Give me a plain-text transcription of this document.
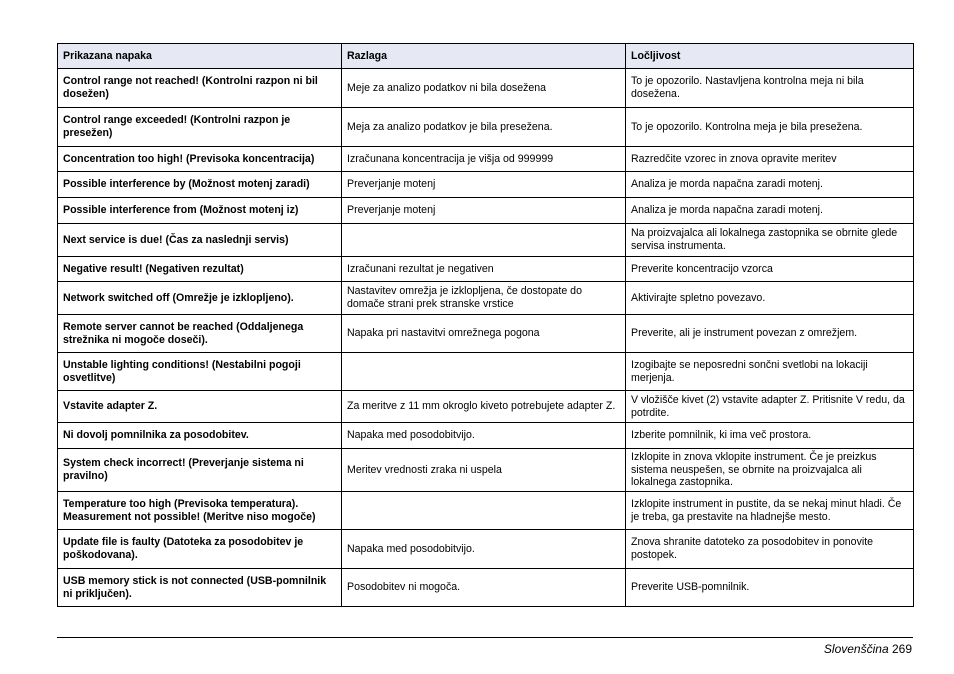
Prikazana napaka	Razlaga	Ločljivost
Control range not reached! (Kontrolni razpon ni bil dosežen)	Meje za analizo podatkov ni bila dosežena	To je opozorilo. Nastavljena kontrolna meja ni bila dosežena.
Control range exceeded! (Kontrolni razpon je presežen)	Meja za analizo podatkov je bila presežena.	To je opozorilo. Kontrolna meja je bila presežena.
Concentration too high! (Previsoka koncentracija)	Izračunana koncentracija je višja od 999999	Razredčite vzorec in znova opravite meritev
Possible interference by (Možnost motenj zaradi)	Preverjanje motenj	Analiza je morda napačna zaradi motenj.
Possible interference from (Možnost motenj iz)	Preverjanje motenj	Analiza je morda napačna zaradi motenj.
Next service is due! (Čas za naslednji servis)		Na proizvajalca ali lokalnega zastopnika se obrnite glede servisa instrumenta.
Negative result! (Negativen rezultat)	Izračunani rezultat je negativen	Preverite koncentracijo vzorca
Network switched off (Omrežje je izklopljeno).	Nastavitev omrežja je izklopljena, če dostopate do domače strani prek stranske vrstice	Aktivirajte spletno povezavo.
Remote server cannot be reached (Oddaljenega strežnika ni mogoče doseči).	Napaka pri nastavitvi omrežnega pogona	Preverite, ali je instrument povezan z omrežjem.
Unstable lighting conditions! (Nestabilni pogoji osvetlitve)		Izogibajte se neposredni sončni svetlobi na lokaciji merjenja.
Vstavite adapter Z.	Za meritve z 11 mm okroglo kiveto potrebujete adapter Z.	V vložišče kivet (2) vstavite adapter Z. Pritisnite V redu, da potrdite.
Ni dovolj pomnilnika za posodobitev.	Napaka med posodobitvijo.	Izberite pomnilnik, ki ima več prostora.
System check incorrect! (Preverjanje sistema ni pravilno)	Meritev vrednosti zraka ni uspela	Izklopite in znova vklopite instrument. Če je preizkus sistema neuspešen, se obrnite na proizvajalca ali lokalnega zastopnika.
Temperature too high (Previsoka temperatura). Measurement not possible! (Meritve niso mogoče)		Izklopite instrument in pustite, da se nekaj minut hladi. Če je treba, ga prestavite na hladnejše mesto.
Update file is faulty (Datoteka za posodobitev je poškodovana).	Napaka med posodobitvijo.	Znova shranite datoteko za posodobitev in ponovite postopek.
USB memory stick is not connected (USB-pomnilnik ni priključen).	Posodobitev ni mogoča.	Preverite USB-pomnilnik.
Slovenščina 269
